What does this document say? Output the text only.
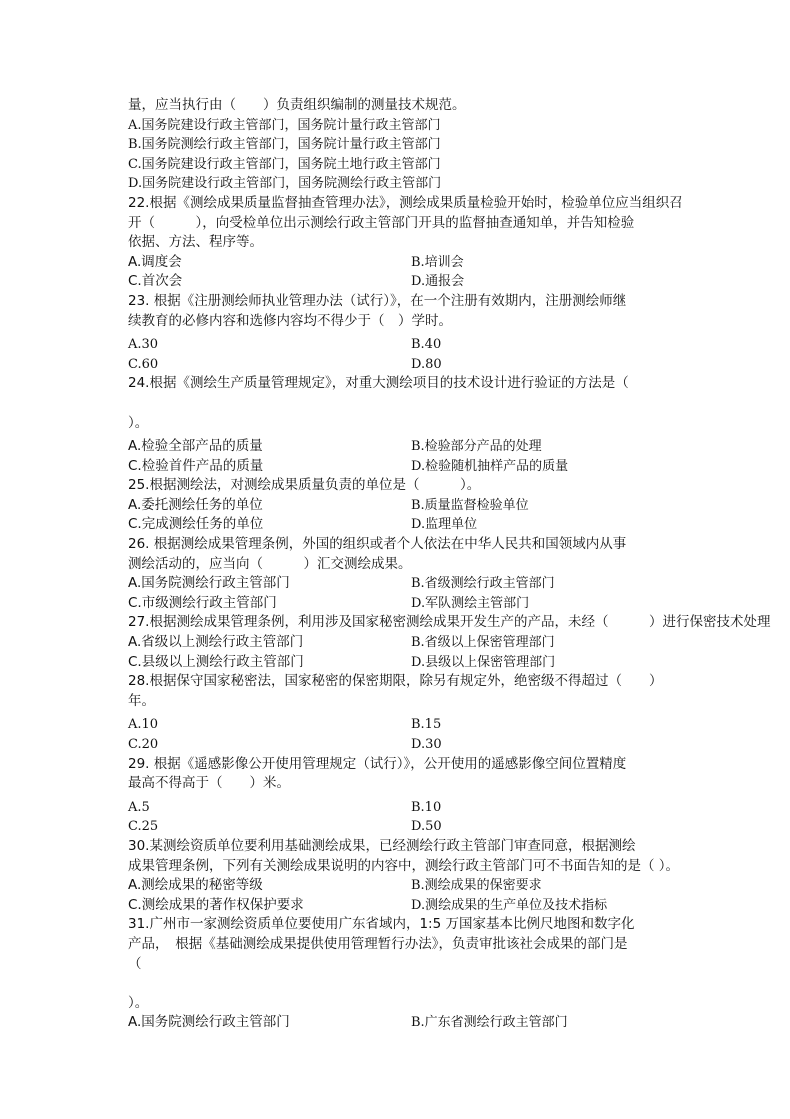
量，应当执行由（　　）负责组织编制的测量技术规范。
A.国务院建设行政主管部门，国务院计量行政主管部门
B.国务院测绘行政主管部门，国务院计量行政主管部门
C.国务院建设行政主管部门，国务院土地行政主管部门
D.国务院建设行政主管部门，国务院测绘行政主管部门
22.根据《测绘成果质量监督抽查管理办法》，测绘成果质量检验开始时，检验单位应当组织召
开（　　　），向受检单位出示测绘行政主管部门开具的监督抽查通知单，并告知检验
依据、方法、程序等。
A.调度会	B.培训会
C.首次会	D.通报会
23. 根据《注册测绘师执业管理办法（试行）》，在一个注册有效期内，注册测绘师继
续教育的必修内容和选修内容均不得少于（　）学时。
A.30	B.40
C.60	D.80
24.根据《测绘生产质量管理规定》，对重大测绘项目的技术设计进行验证的方法是（
）。
A.检验全部产品的质量	B.检验部分产品的处理
C.检验首件产品的质量	D.检验随机抽样产品的质量
25.根据测绘法，对测绘成果质量负责的单位是（　　　）。
A.委托测绘任务的单位	B.质量监督检验单位
C.完成测绘任务的单位	D.监理单位
26. 根据测绘成果管理条例，外国的组织或者个人依法在中华人民共和国领域内从事
测绘活动的，应当向（　　　）汇交测绘成果。
A.国务院测绘行政主管部门	B.省级测绘行政主管部门
C.市级测绘行政主管部门	D.军队测绘主管部门
27.根据测绘成果管理条例，利用涉及国家秘密测绘成果开发生产的产品，未经（　　　）进行保密技术处理
A.省级以上测绘行政主管部门	B.省级以上保密管理部门
C.县级以上测绘行政主管部门	D.县级以上保密管理部门
28.根据保守国家秘密法，国家秘密的保密期限，除另有规定外，绝密级不得超过（　　）
年。
A.10	B.15
C.20	D.30
29. 根据《遥感影像公开使用管理规定（试行）》，公开使用的遥感影像空间位置精度
最高不得高于（　　）米。
A.5	B.10
C.25	D.50
30.某测绘资质单位要利用基础测绘成果，已经测绘行政主管部门审查同意，根据测绘
成果管理条例，下列有关测绘成果说明的内容中，测绘行政主管部门可不书面告知的是（ ）。
A.测绘成果的秘密等级	B.测绘成果的保密要求
C.测绘成果的著作权保护要求	D.测绘成果的生产单位及技术指标
31.广州市一家测绘资质单位要使用广东省域内，1:5 万国家基本比例尺地图和数字化
产品，　根据《基础测绘成果提供使用管理暂行办法》，负责审批该社会成果的部门是
（
）。
A.国务院测绘行政主管部门	B.广东省测绘行政主管部门
